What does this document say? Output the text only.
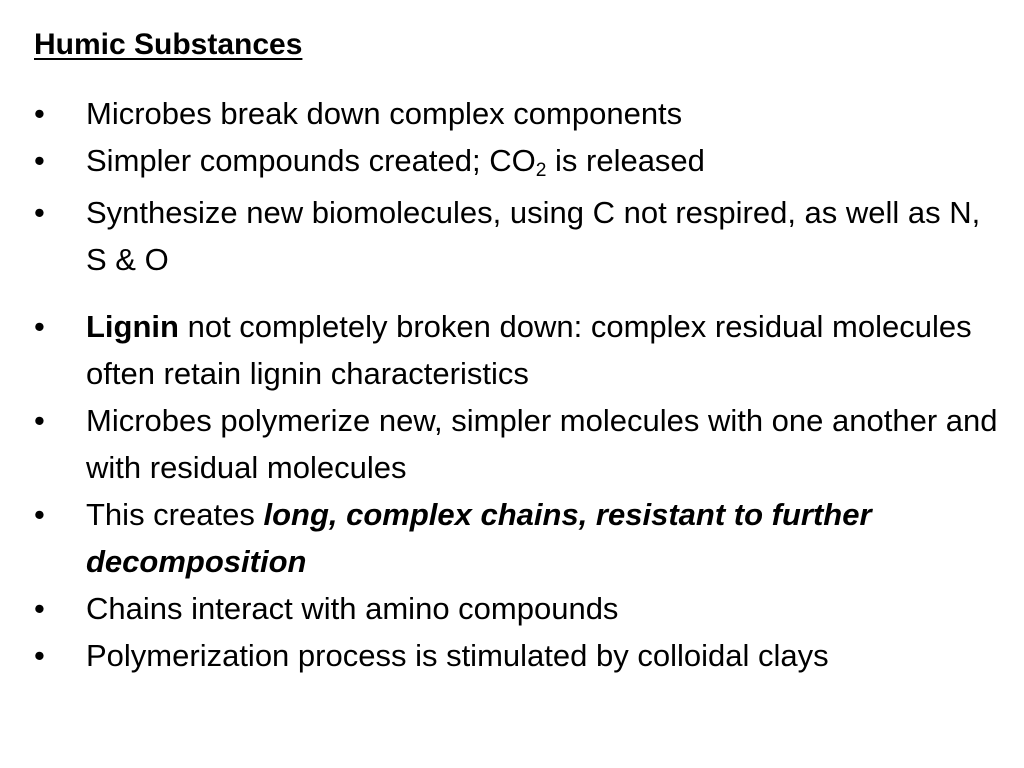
Humic Substances
• Microbes break down complex components
• Simpler compounds created; $CO_2$ is released
• Synthesize new biomolecules, using C not respired, as well as N, S & O
• Lignin not completely broken down: complex residual molecules often retain lignin characteristics
• Microbes polymerize new, simpler molecules with one another and with residual molecules
• This creates long, complex chains, resistant to further decomposition
• Chains interact with amino compounds
• Polymerization process is stimulated by colloidal clays
